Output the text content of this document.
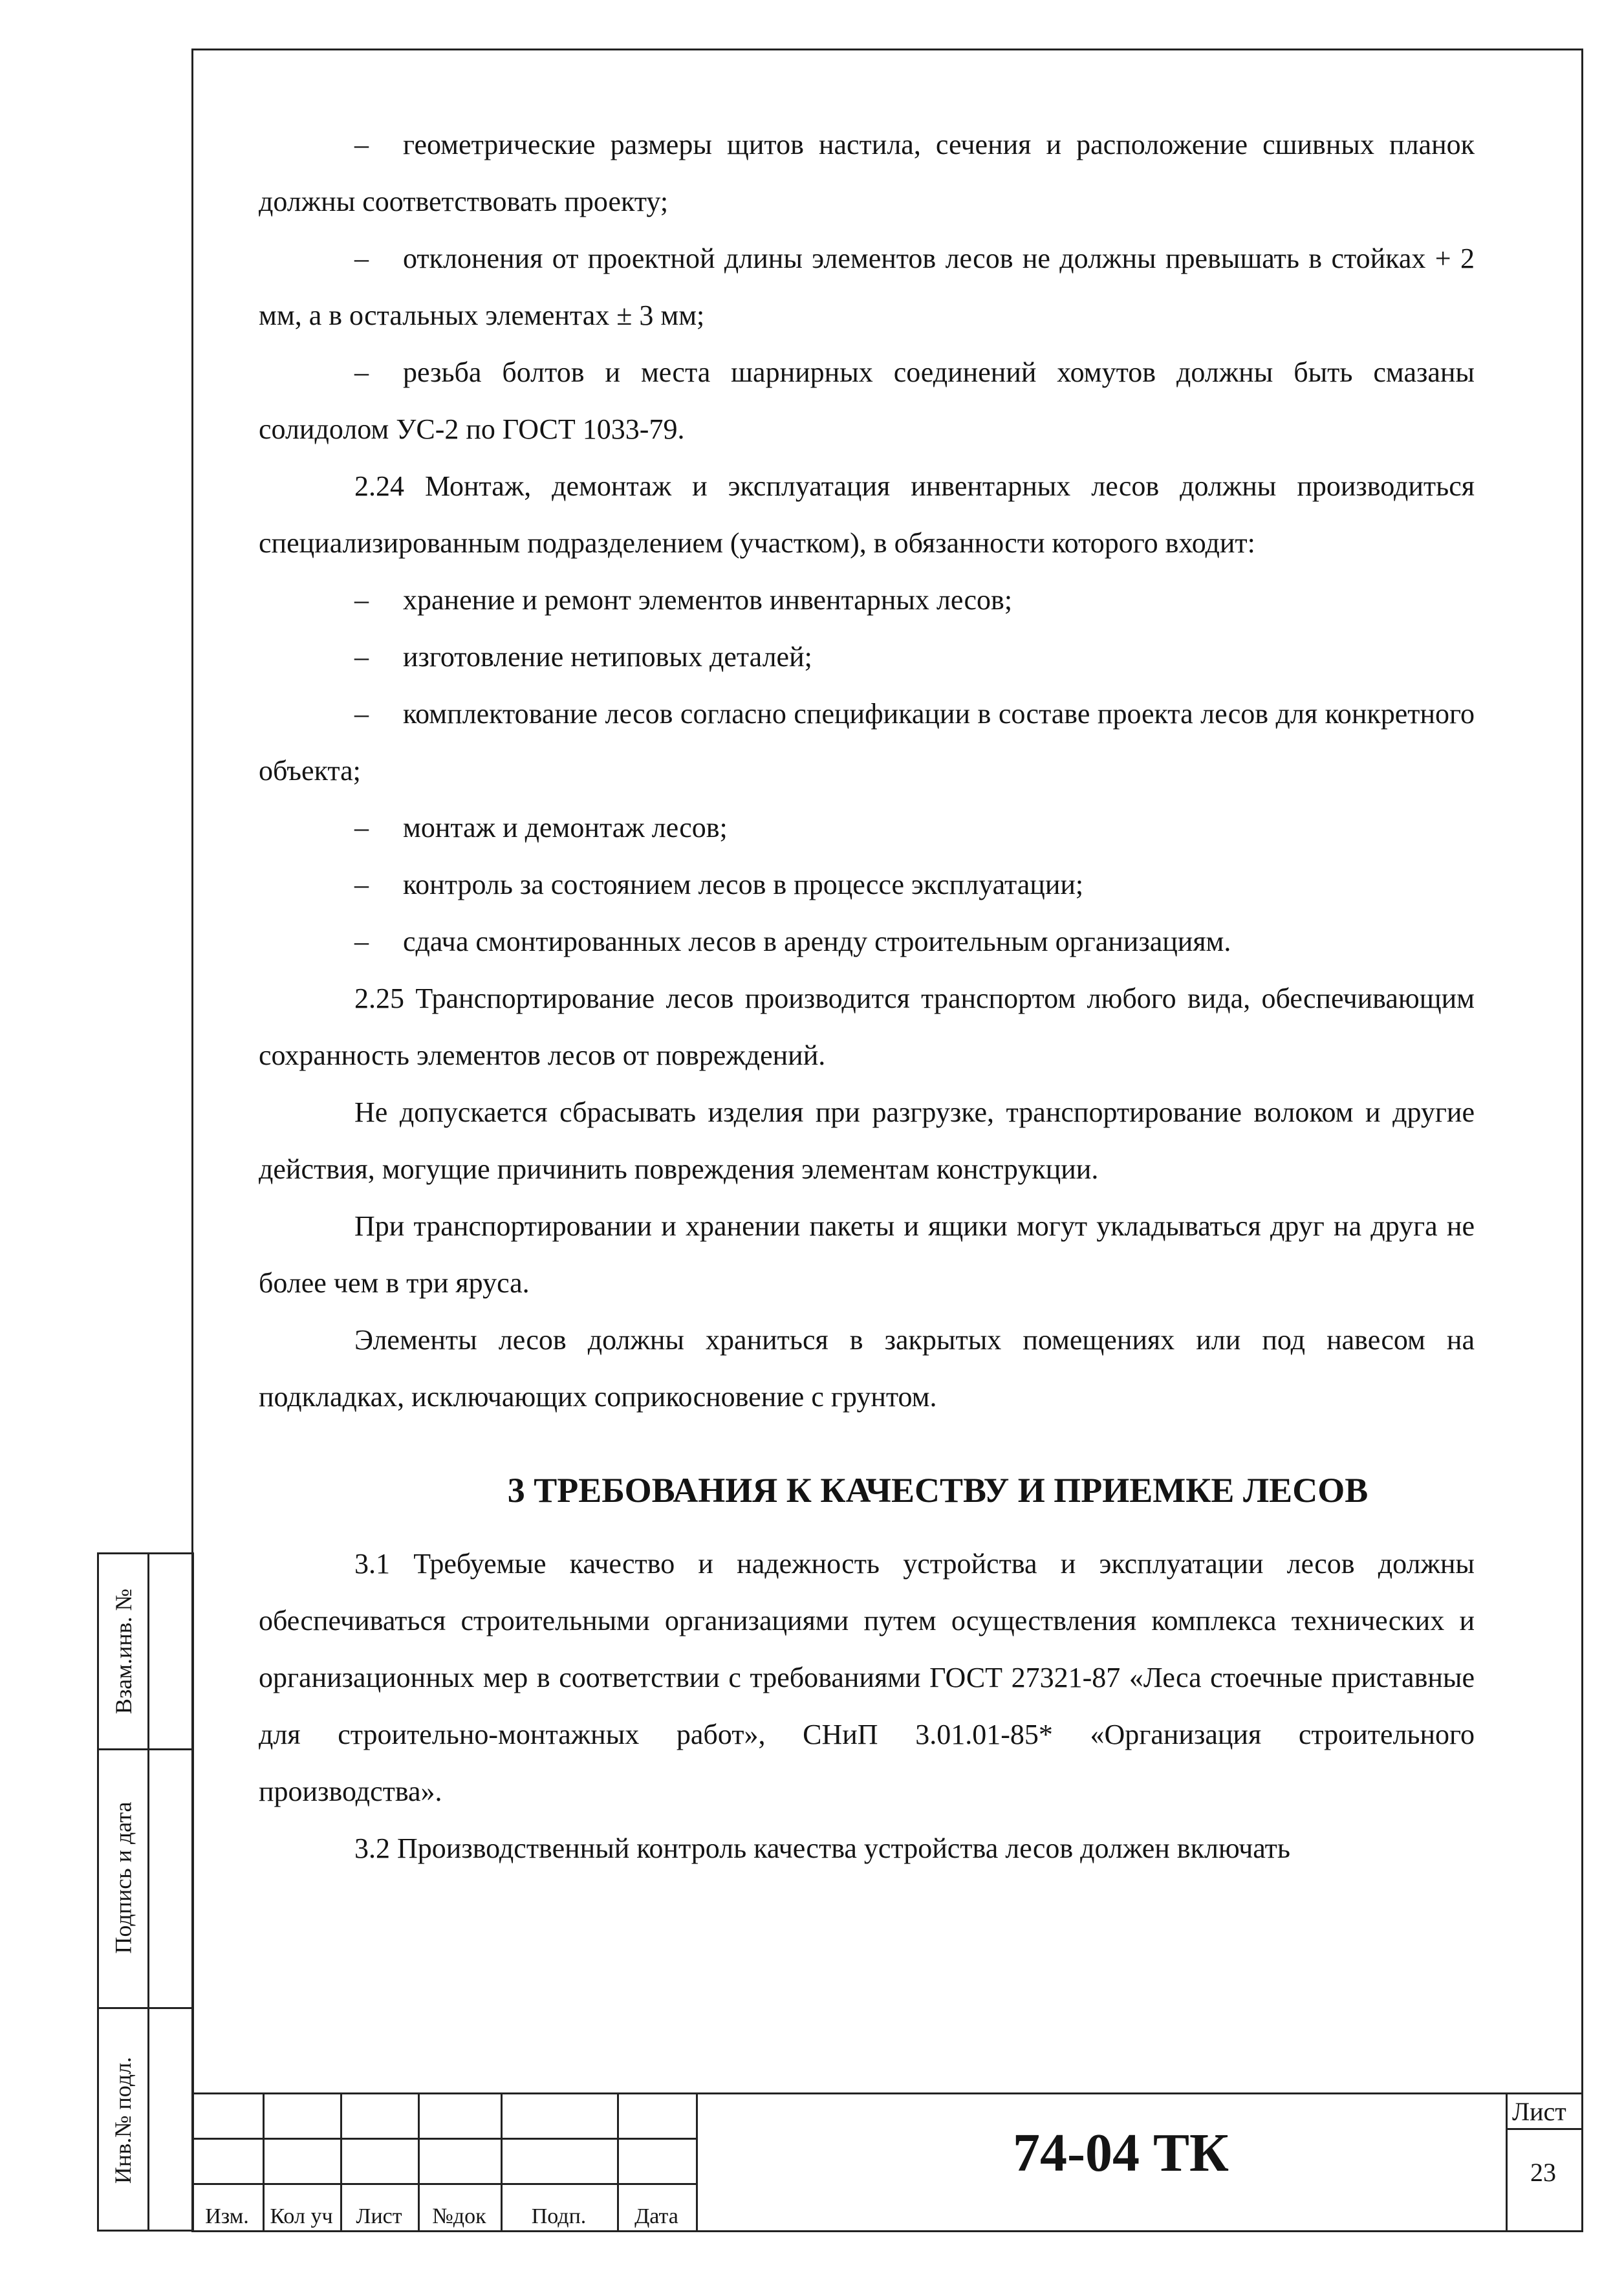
– геометрические размеры щитов настила, сечения и расположение сшивных планок должны соответствовать проекту;

– отклонения от проектной длины элементов лесов не должны превышать в стойках + 2 мм, а в остальных элементах ± 3 мм;

– резьба болтов и места шарнирных соединений хомутов должны быть смазаны солидолом УС-2 по ГОСТ 1033-79.

2.24 Монтаж, демонтаж и эксплуатация инвентарных лесов должны производиться специализированным подразделением (участком), в обязанности которого входит:

– хранение и ремонт элементов инвентарных лесов;

– изготовление нетиповых деталей;

– комплектование лесов согласно спецификации в составе проекта лесов для конкретного объекта;

– монтаж и демонтаж лесов;

– контроль за состоянием лесов в процессе эксплуатации;

– сдача смонтированных лесов в аренду строительным организациям.

2.25 Транспортирование лесов производится транспортом любого вида, обеспечивающим сохранность элементов лесов от повреждений.

Не допускается сбрасывать изделия при разгрузке, транспортирование волоком и другие действия, могущие причинить повреждения элементам конструкции.

При транспортировании и хранении пакеты и ящики могут укладываться друг на друга не более чем в три яруса.

Элементы лесов должны храниться в закрытых помещениях или под навесом на подкладках, исключающих соприкосновение с грунтом.

3 ТРЕБОВАНИЯ К КАЧЕСТВУ И ПРИЕМКЕ ЛЕСОВ

3.1 Требуемые качество и надежность устройства и эксплуатации лесов должны обеспечиваться строительными организациями путем осуществления комплекса технических и организационных мер в соответствии с требованиями ГОСТ 27321-87 «Леса стоечные приставные для строительно-монтажных работ», СНиП 3.01.01-85* «Организация строительного производства».

3.2 Производственный контроль качества устройства лесов должен включать

Взам.инв. №
Подпись и дата
Инв.№ подл.
Изм. Кол уч	Лист	№док	Подп.	Дата
74-04 ТК
Лист
23
